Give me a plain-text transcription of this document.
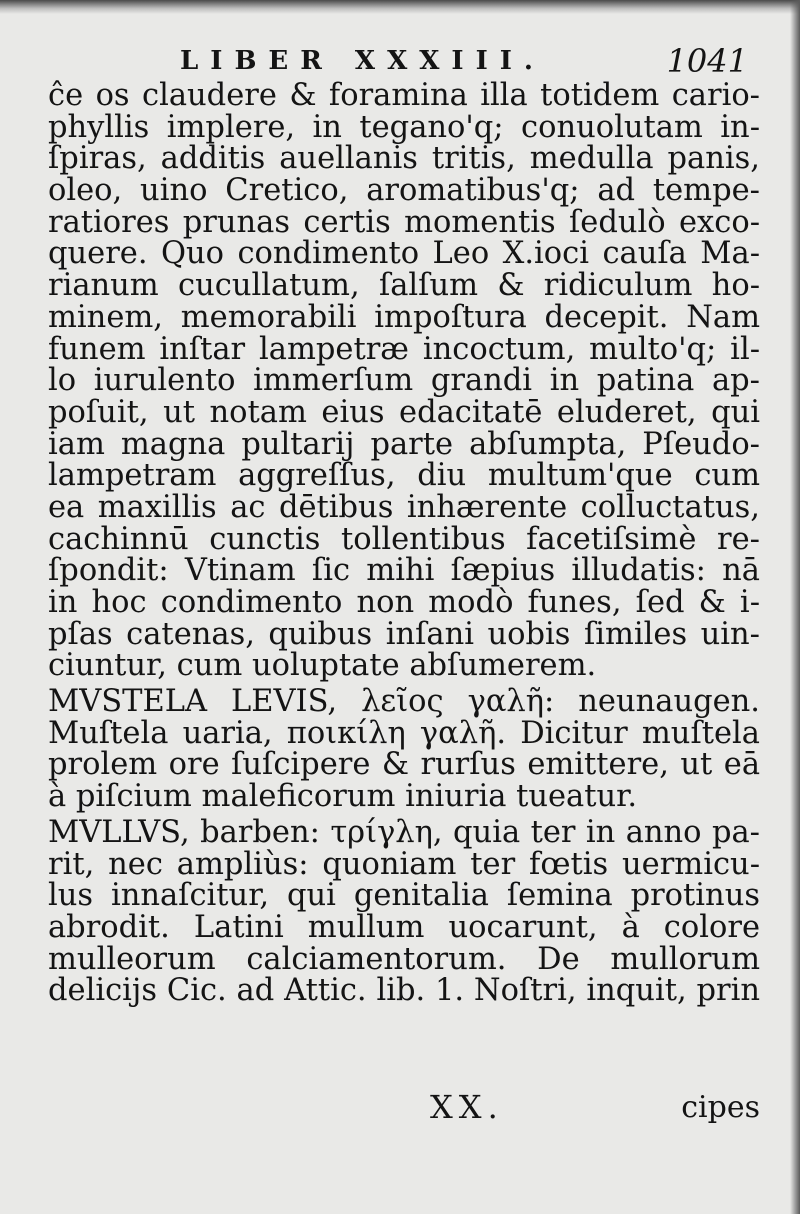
LIBER XXXIII.	1041
ĉe os claudere & foramina illa totidem cario-
phyllis implere, in tegano'q; conuolutam in-
ſpiras, additis auellanis tritis, medulla panis,
oleo, uino Cretico, aromatibus'q; ad tempe-
ratiores prunas certis momentis ſedulò exco-
quere. Quo condimento Leo X.ioci cauſa Ma-
rianum cucullatum, ſalſum & ridiculum ho-
minem, memorabili impoſtura decepit. Nam
funem inſtar lampetræ incoctum, multo'q; il-
lo iurulento immerſum grandi in patina ap-
poſuit, ut notam eius edacitatē eluderet, qui
iam magna pultarij parte abſumpta, Pſeudo-
lampetram aggreſſus, diu multum'que cum
ea maxillis ac dētibus inhærente colluctatus,
cachinnū cunctis tollentibus facetiſsimè re-
ſpondit: Vtinam ſic mihi ſæpius illudatis: nā
in hoc condimento non modò funes, ſed & i-
pſas catenas, quibus inſani uobis ſimiles uin-
ciuntur, cum uoluptate abſumerem.
MVSTELA LEVIS, λεῖος γαλῆ: neunaugen.
Muſtela uaria, ποικίλη γαλῆ. Dicitur muſtela
prolem ore ſuſcipere & rurſus emittere, ut eā
à piſcium maleficorum iniuria tueatur.
MVLLVS, barben: τρίγλη, quia ter in anno pa-
rit, nec ampliùs: quoniam ter fœtis uermicu-
lus innaſcitur, qui genitalia ſemina protinus
abrodit. Latini mullum uocarunt, à colore
mulleorum calciamentorum. De mullorum
delicijs Cic. ad Attic. lib. 1. Noſtri, inquit, prin
XX.	cipes
